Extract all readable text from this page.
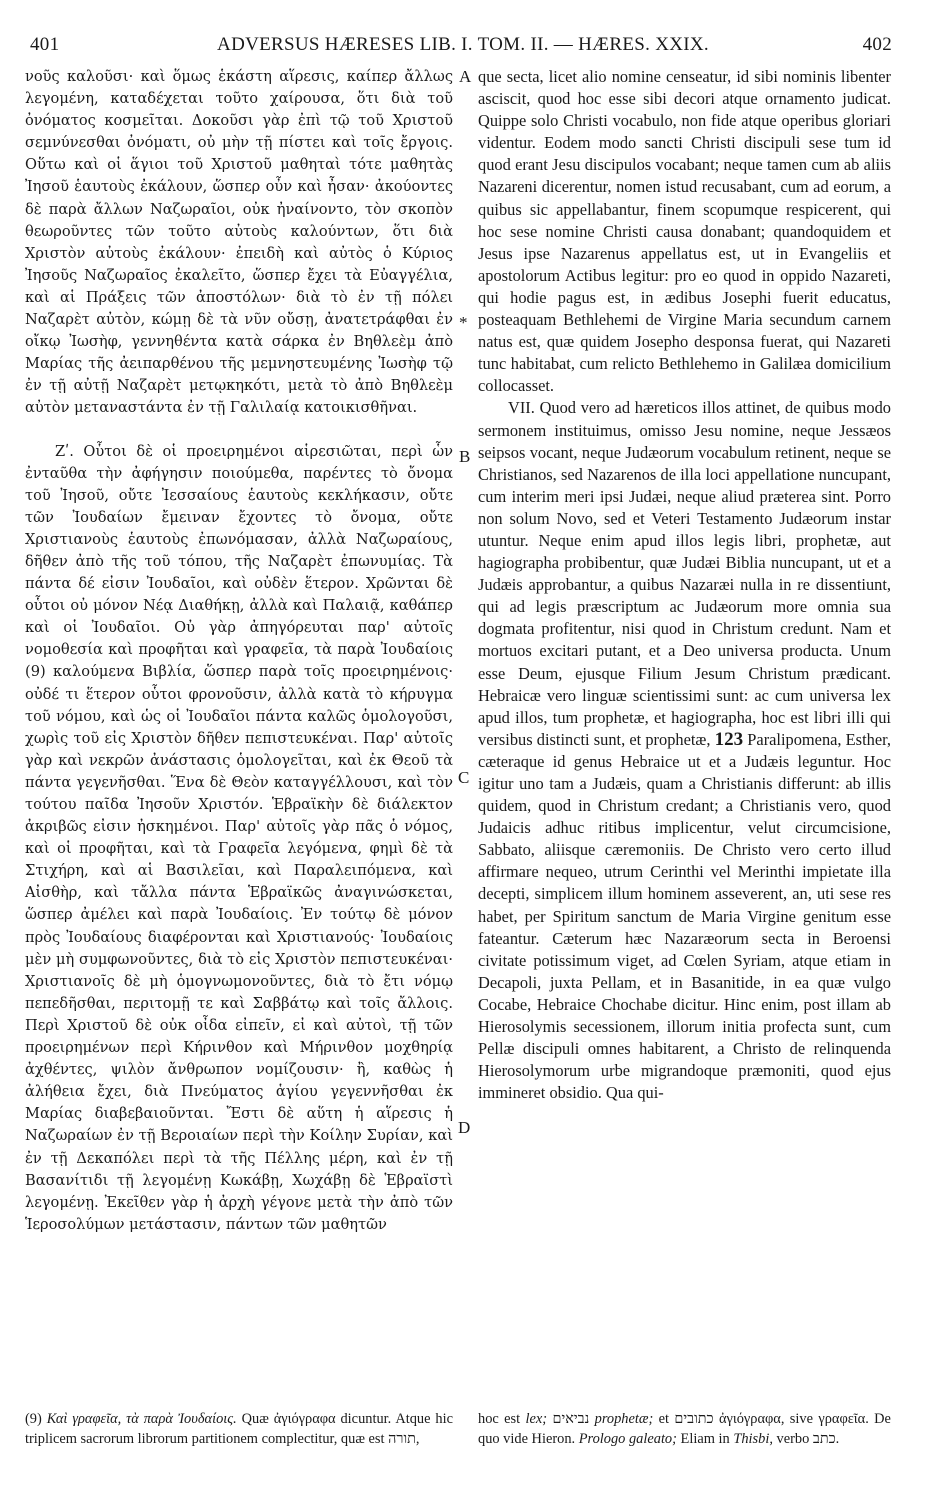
401	ADVERSUS HÆRESES LIB. I. TOM. II. — HÆRES. XXIX.	402

νοῦς καλοῦσι· καὶ ὅμως ἑκάστη αἵρεσις, καίπερ ἄλλως λεγομένη, καταδέχεται τοῦτο χαίρουσα, ὅτι διὰ τοῦ ὀνόματος κοσμεῖται. Δοκοῦσι γὰρ ἐπὶ τῷ τοῦ Χριστοῦ σεμνύνεσθαι ὀνόματι, οὐ μὴν τῇ πίστει καὶ τοῖς ἔργοις. Οὕτω καὶ οἱ ἅγιοι τοῦ Χριστοῦ μαθηταὶ τότε μαθητὰς Ἰησοῦ ἑαυτοὺς ἐκάλουν, ὥσπερ οὖν καὶ ἦσαν· ἀκούοντες δὲ παρὰ ἄλλων Ναζωραῖοι, οὐκ ἠναίνοντο, τὸν σκοπὸν θεωροῦντες τῶν τοῦτο αὐτοὺς καλούντων, ὅτι διὰ Χριστὸν αὐτοὺς ἐκάλουν· ἐπειδὴ καὶ αὐτὸς ὁ Κύριος Ἰησοῦς Ναζωραῖος ἐκαλεῖτο, ὥσπερ ἔχει τὰ Εὐαγγέλια, καὶ αἱ Πράξεις τῶν ἀποστόλων· διὰ τὸ ἐν τῇ πόλει Ναζαρὲτ αὐτὸν, κώμῃ δὲ τὰ νῦν οὔσῃ, ἀνατετράφθαι ἐν οἴκῳ Ἰωσὴφ, γεννηθέντα κατὰ σάρκα ἐν Βηθλεὲμ ἀπὸ Μαρίας τῆς ἀειπαρθένου τῆς μεμνηστευμένης Ἰωσὴφ τῷ ἐν τῇ αὐτῇ Ναζαρὲτ μετῳκηκότι, μετὰ τὸ ἀπὸ Βηθλεὲμ αὐτὸν μεταναστάντα ἐν τῇ Γαλιλαίᾳ κατοικισθῆναι.

Ζʹ. Οὗτοι δὲ οἱ προειρημένοι αἱρεσιῶται, περὶ ὧν ἐνταῦθα τὴν ἀφήγησιν ποιούμεθα, παρέντες τὸ ὄνομα τοῦ Ἰησοῦ, οὔτε Ἰεσσαίους ἑαυτοὺς κεκλήκασιν, οὔτε τῶν Ἰουδαίων ἔμειναν ἔχοντες τὸ ὄνομα, οὔτε Χριστιανοὺς ἑαυτοὺς ἐπωνόμασαν, ἀλλὰ Ναζωραίους, δῆθεν ἀπὸ τῆς τοῦ τόπου, τῆς Ναζαρὲτ ἐπωνυμίας. Τὰ πάντα δέ εἰσιν Ἰουδαῖοι, καὶ οὐδὲν ἕτερον. Χρῶνται δὲ οὗτοι οὐ μόνον Νέᾳ Διαθήκῃ, ἀλλὰ καὶ Παλαιᾷ, καθάπερ καὶ οἱ Ἰουδαῖοι. Οὐ γὰρ ἀπηγόρευται παρ' αὐτοῖς νομοθεσία καὶ προφῆται καὶ γραφεῖα, τὰ παρὰ Ἰουδαίοις (9) καλούμενα Βιβλία, ὥσπερ παρὰ τοῖς προειρημένοις· οὐδέ τι ἕτερον οὗτοι φρονοῦσιν, ἀλλὰ κατὰ τὸ κήρυγμα τοῦ νόμου, καὶ ὡς οἱ Ἰουδαῖοι πάντα καλῶς ὁμολογοῦσι, χωρὶς τοῦ εἰς Χριστὸν δῆθεν πεπιστευκέναι. Παρ' αὐτοῖς γὰρ καὶ νεκρῶν ἀνάστασις ὁμολογεῖται, καὶ ἐκ Θεοῦ τὰ πάντα γεγενῆσθαι. Ἕνα δὲ Θεὸν καταγγέλλουσι, καὶ τὸν τούτου παῖδα Ἰησοῦν Χριστόν. Ἑβραϊκὴν δὲ διάλεκτον ἀκριβῶς εἰσιν ἠσκημένοι. Παρ' αὐτοῖς γὰρ πᾶς ὁ νόμος, καὶ οἱ προφῆται, καὶ τὰ Γραφεῖα λεγόμενα, φημὶ δὲ τὰ Στιχήρη, καὶ αἱ Βασιλεῖαι, καὶ Παραλειπόμενα, καὶ Αἰσθὴρ, καὶ τἄλλα πάντα Ἑβραϊκῶς ἀναγινώσκεται, ὥσπερ ἀμέλει καὶ παρὰ Ἰουδαίοις. Ἐν τούτῳ δὲ μόνον πρὸς Ἰουδαίους διαφέρονται καὶ Χριστιανούς· Ἰουδαίοις μὲν μὴ συμφωνοῦντες, διὰ τὸ εἰς Χριστὸν πεπιστευκέναι· Χριστιανοῖς δὲ μὴ ὁμογνωμονοῦντες, διὰ τὸ ἔτι νόμῳ πεπεδῆσθαι, περιτομῇ τε καὶ Σαββάτῳ καὶ τοῖς ἄλλοις. Περὶ Χριστοῦ δὲ οὐκ οἶδα εἰπεῖν, εἰ καὶ αὐτοὶ, τῇ τῶν προειρημένων περὶ Κήρινθον καὶ Μήρινθον μοχθηρίᾳ ἀχθέντες, ψιλὸν ἄνθρωπον νομίζουσιν· ἢ, καθὼς ἡ ἀλήθεια ἔχει, διὰ Πνεύματος ἁγίου γεγεννῆσθαι ἐκ Μαρίας διαβεβαιοῦνται. Ἔστι δὲ αὕτη ἡ αἵρεσις ἡ Ναζωραίων ἐν τῇ Βεροιαίων περὶ τὴν Κοίλην Συρίαν, καὶ ἐν τῇ Δεκαπόλει περὶ τὰ τῆς Πέλλης μέρη, καὶ ἐν τῇ Βασανίτιδι τῇ λεγομένῃ Κωκάβῃ, Χωχάβῃ δὲ Ἑβραϊστὶ λεγομένῃ. Ἐκεῖθεν γὰρ ἡ ἀρχὴ γέγονε μετὰ τὴν ἀπὸ τῶν Ἱεροσολύμων μετάστασιν, πάντων τῶν μαθητῶν

que secta, licet alio nomine censeatur, id sibi nominis libenter asciscit, quod hoc esse sibi decori atque ornamento judicat. Quippe solo Christi vocabulo, non fide atque operibus gloriari videntur. Eodem modo sancti Christi discipuli sese tum id quod erant Jesu discipulos vocabant; neque tamen cum ab aliis Nazareni dicerentur, nomen istud recusabant, cum ad eorum, a quibus sic appellabantur, finem scopumque respicerent, qui hoc sese nomine Christi causa donabant; quandoquidem et Jesus ipse Nazarenus appellatus est, ut in Evangeliis et apostolorum Actibus legitur: pro eo quod in oppido Nazareti, qui hodie pagus est, in ædibus Josephi fuerit educatus, posteaquam Bethlehemi de Virgine Maria secundum carnem natus est, quæ quidem Josepho desponsa fuerat, qui Nazareti tunc habitabat, cum relicto Bethlehemo in Galilæa domicilium collocasset.

VII. Quod vero ad hæreticos illos attinet, de quibus modo sermonem instituimus, omisso Jesu nomine, neque Jessæos seipsos vocant, neque Judæorum vocabulum retinent, neque se Christianos, sed Nazarenos de illa loci appellatione nuncupant, cum interim meri ipsi Judæi, neque aliud præterea sint. Porro non solum Novo, sed et Veteri Testamento Judæorum instar utuntur. Neque enim apud illos legis libri, prophetæ, aut hagiographa probibentur, quæ Judæi Biblia nuncupant, ut et a Judæis approbantur, a quibus Nazaræi nulla in re dissentiunt, qui ad legis præscriptum ac Judæorum more omnia sua dogmata profitentur, nisi quod in Christum credunt. Nam et mortuos excitari putant, et a Deo universa producta. Unum esse Deum, ejusque Filium Jesum Christum prædicant. Hebraicæ vero linguæ scientissimi sunt: ac cum universa lex apud illos, tum prophetæ, et hagiographa, hoc est libri illi qui versibus distincti sunt, et prophetæ, 123 Paralipomena, Esther, cæteraque id genus Hebraice ut et a Judæis leguntur. Hoc igitur uno tam a Judæis, quam a Christianis differunt: ab illis quidem, quod in Christum credant; a Christianis vero, quod Judaicis adhuc ritibus implicentur, velut circumcisione, Sabbato, aliisque cæremoniis. De Christo vero certo illud affirmare nequeo, utrum Cerinthi vel Merinthi impietate illa decepti, simplicem illum hominem asseverent, an, uti sese res habet, per Spiritum sanctum de Maria Virgine genitum esse fateantur. Cæterum hæc Nazaræorum secta in Beroensi civitate potissimum viget, ad Cœlen Syriam, atque etiam in Decapoli, juxta Pellam, et in Basanitide, in ea quæ vulgo Cocabe, Hebraice Chochabe dicitur. Hinc enim, post illam ab Hierosolymis secessionem, illorum initia profecta sunt, cum Pellæ discipuli omnes habitarent, a Christo de relinquenda Hierosolymorum urbe migrandoque præmoniti, quod ejus immineret obsidio. Qua qui-

A
*
B
C
D
(9) Καὶ γραφεῖα, τὰ παρὰ Ἰουδαίοις. Quæ ἀγιόγραφα dicuntur. Atque hic triplicem sacrorum librorum partitionem complectitur, quæ est תורה,
hoc est lex; נביאים prophetæ; et כתובים ἀγιόγραφα, sive γραφεῖα. De quo vide Hieron. Prologo galeato; Eliam in Thisbi, verbo כתב.
